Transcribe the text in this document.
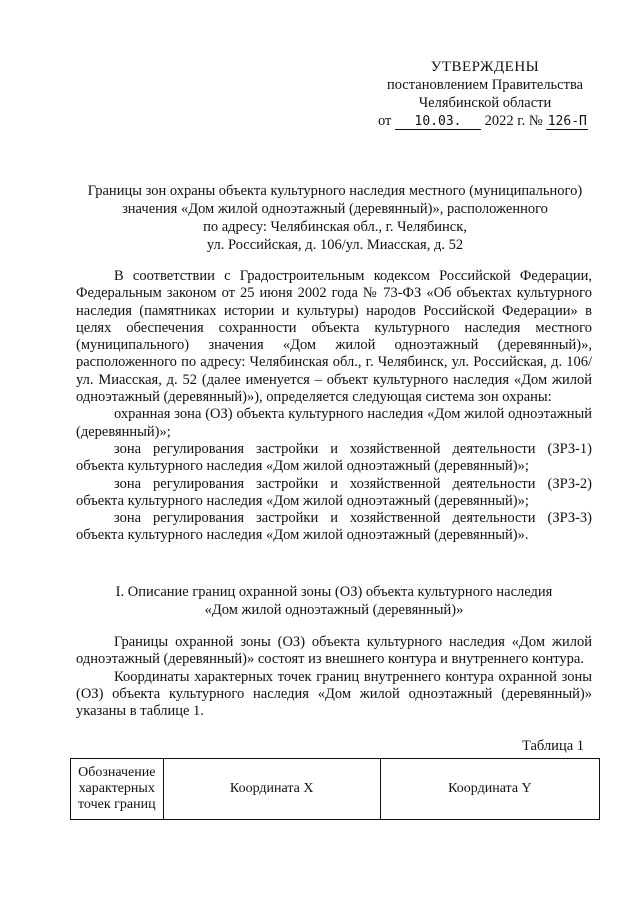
УТВЕРЖДЕНЫ
постановлением Правительства
Челябинской области
от 10.03. 2022 г. № 126-П
Границы зон охраны объекта культурного наследия местного (муниципального)
значения «Дом жилой одноэтажный (деревянный)», расположенного
по адресу: Челябинская обл., г. Челябинск,
ул. Российская, д. 106/ул. Миасская, д. 52

В соответствии с Градостроительным кодексом Российской Федерации, Федеральным законом от 25 июня 2002 года № 73-ФЗ «Об объектах культурного наследия (памятниках истории и культуры) народов Российской Федерации» в целях обеспечения сохранности объекта культурного наследия местного (муниципального) значения «Дом жилой одноэтажный (деревянный)», расположенного по адресу: Челябинская обл., г. Челябинск, ул. Российская, д. 106/ул. Миасская, д. 52 (далее именуется – объект культурного наследия «Дом жилой одноэтажный (деревянный)»), определяется следующая система зон охраны:

охранная зона (ОЗ) объекта культурного наследия «Дом жилой одноэтажный (деревянный)»;

зона регулирования застройки и хозяйственной деятельности (ЗРЗ-1) объекта культурного наследия «Дом жилой одноэтажный (деревянный)»;

зона регулирования застройки и хозяйственной деятельности (ЗРЗ-2) объекта культурного наследия «Дом жилой одноэтажный (деревянный)»;

зона регулирования застройки и хозяйственной деятельности (ЗРЗ-3) объекта культурного наследия «Дом жилой одноэтажный (деревянный)».

I. Описание границ охранной зоны (ОЗ) объекта культурного наследия
«Дом жилой одноэтажный (деревянный)»

Границы охранной зоны (ОЗ) объекта культурного наследия «Дом жилой одноэтажный (деревянный)» состоят из внешнего контура и внутреннего контура.

Координаты характерных точек границ внутреннего контура охранной зоны (ОЗ) объекта культурного наследия «Дом жилой одноэтажный (деревянный)» указаны в таблице 1.

Таблица 1
Обозначение характерных точек границ	Координата X	Координата Y
